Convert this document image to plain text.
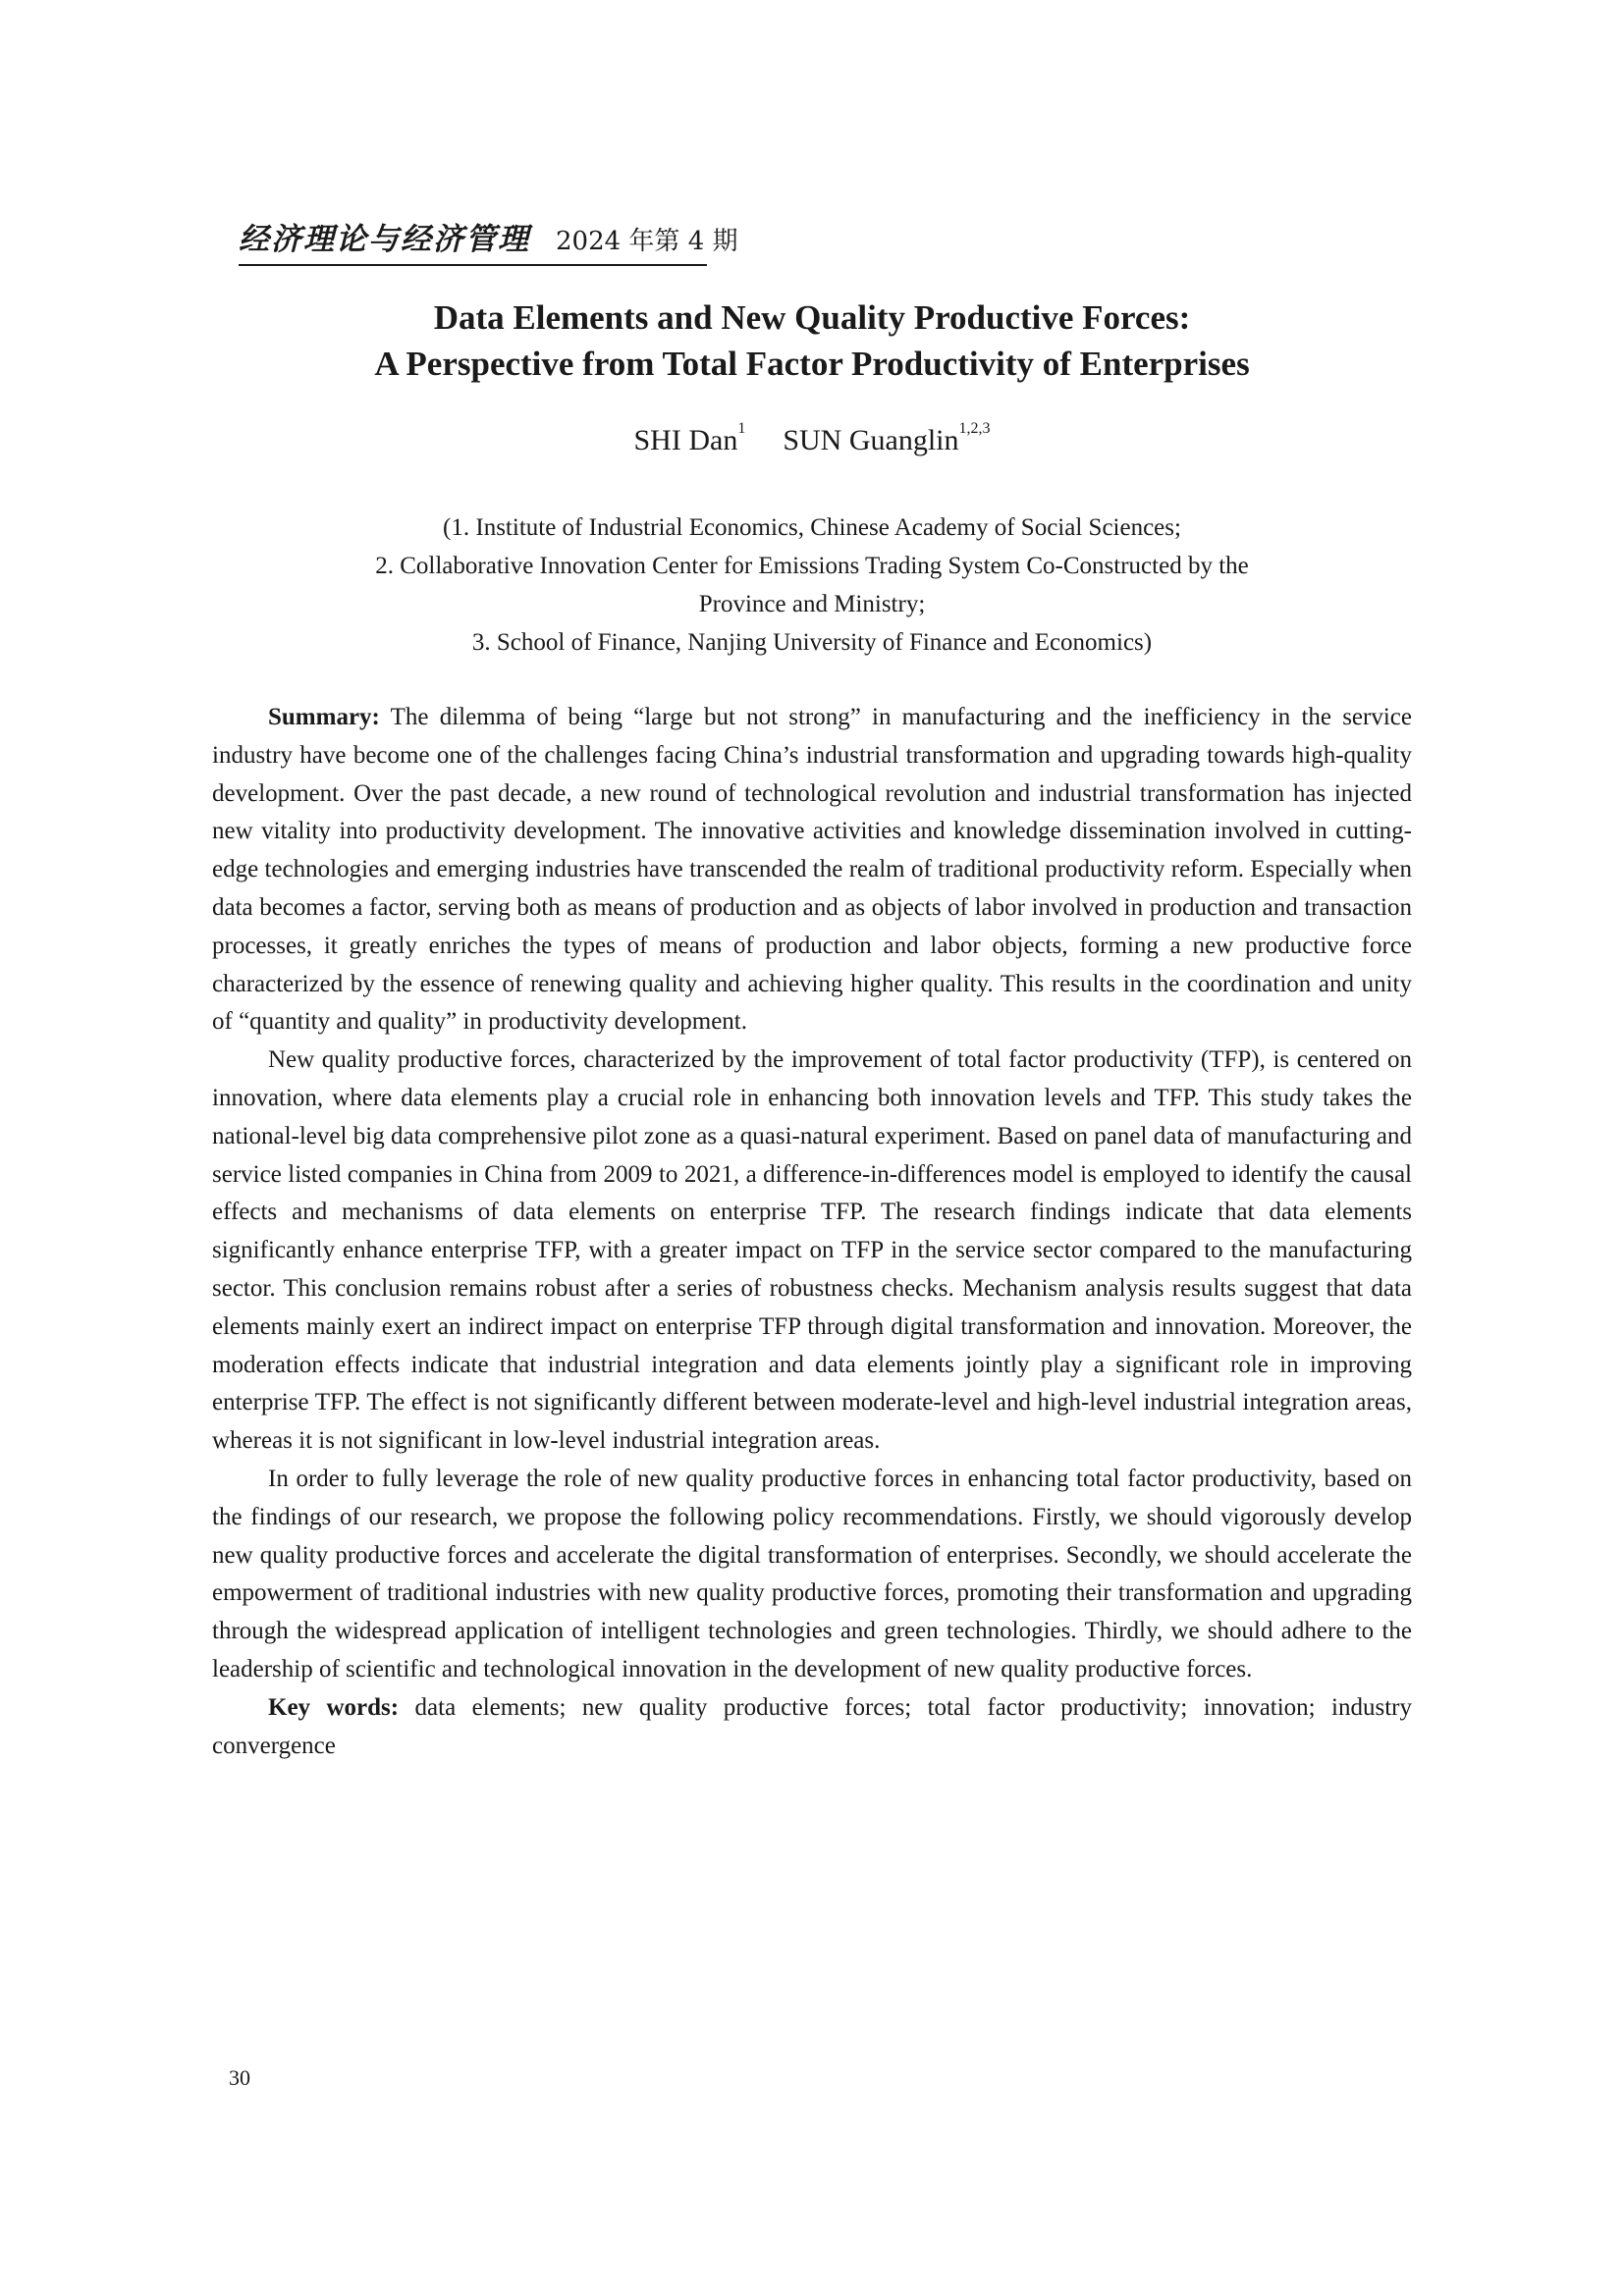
经济理论与经济管理 2024 年第 4 期
Data Elements and New Quality Productive Forces:
A Perspective from Total Factor Productivity of Enterprises
SHI Dan$^1$ SUN Guanglin$^{1,2,3}$
(1. Institute of Industrial Economics, Chinese Academy of Social Sciences;
2. Collaborative Innovation Center for Emissions Trading System Co-Constructed by the
Province and Ministry;
3. School of Finance, Nanjing University of Finance and Economics)

Summary: The dilemma of being “large but not strong” in manufacturing and the inefficiency in the service industry have become one of the challenges facing China’s industrial transformation and upgrading towards high-quality development. Over the past decade, a new round of technological revolution and industrial transformation has injected new vitality into productivity development. The innovative activities and knowledge dissemination involved in cutting-edge technologies and emerging industries have transcended the realm of traditional productivity reform. Especially when data becomes a factor, serving both as means of production and as objects of labor involved in production and transaction processes, it greatly enriches the types of means of production and labor objects, forming a new productive force characterized by the essence of renewing quality and achieving higher quality. This results in the coordination and unity of “quantity and quality” in productivity development.

New quality productive forces, characterized by the improvement of total factor productivity (TFP), is centered on innovation, where data elements play a crucial role in enhancing both innovation levels and TFP. This study takes the national-level big data comprehensive pilot zone as a quasi-natural experiment. Based on panel data of manufacturing and service listed companies in China from 2009 to 2021, a difference-in-differences model is employed to identify the causal effects and mechanisms of data elements on enterprise TFP. The research findings indicate that data elements significantly enhance enterprise TFP, with a greater impact on TFP in the service sector compared to the manufacturing sector. This conclusion remains robust after a series of robustness checks. Mechanism analysis results suggest that data elements mainly exert an indirect impact on enterprise TFP through digital transformation and innovation. Moreover, the moderation effects indicate that industrial integration and data elements jointly play a significant role in improving enterprise TFP. The effect is not significantly different between moderate-level and high-level industrial integration areas, whereas it is not significant in low-level industrial integration areas.

In order to fully leverage the role of new quality productive forces in enhancing total factor productivity, based on the findings of our research, we propose the following policy recommendations. Firstly, we should vigorously develop new quality productive forces and accelerate the digital transformation of enterprises. Secondly, we should accelerate the empowerment of traditional industries with new quality productive forces, promoting their transformation and upgrading through the widespread application of intelligent technologies and green technologies. Thirdly, we should adhere to the leadership of scientific and technological innovation in the development of new quality productive forces.

Key words: data elements; new quality productive forces; total factor productivity; innovation; industry convergence

30
